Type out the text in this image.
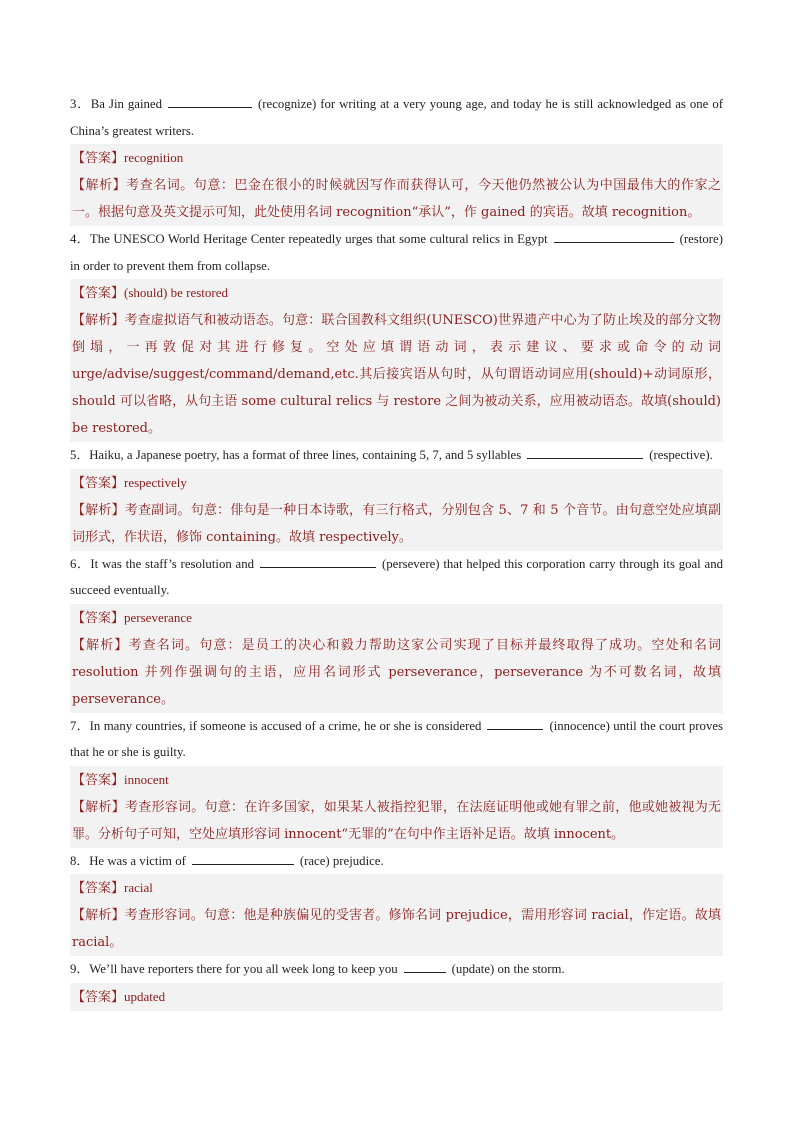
3．Ba Jin gained	(recognize) for writing at a very young age, and today he is still acknowledged as one of China’s greatest writers.
【答案】recognition
【解析】考查名词。句意：巴金在很小的时候就因写作而获得认可，今天他仍然被公认为中国最伟大的作家之一。根据句意及英文提示可知，此处使用名词 recognition“承认”，作 gained 的宾语。故填 recognition。
4．The UNESCO World Heritage Center repeatedly urges that some cultural relics in Egypt	(restore) in order to prevent them from collapse.
【答案】(should) be restored
【解析】考查虚拟语气和被动语态。句意：联合国教科文组织(UNESCO)世界遗产中心为了防止埃及的部分文物倒塌，一再敦促对其进行修复。空处应填谓语动词，表示建议、要求或命令的动词 urge/advise/suggest/command/demand,etc.其后接宾语从句时，从句谓语动词应用(should)+动词原形，should 可以省略，从句主语 some cultural relics 与 restore 之间为被动关系，应用被动语态。故填(should) be restored。
5．Haiku, a Japanese poetry, has a format of three lines, containing 5, 7, and 5 syllables	(respective).
【答案】respectively
【解析】考查副词。句意：俳句是一种日本诗歌，有三行格式，分别包含 5、7 和 5 个音节。由句意空处应填副词形式，作状语，修饰 containing。故填 respectively。
6．It was the staff’s resolution and	(persevere) that helped this corporation carry through its goal and succeed eventually.
【答案】perseverance
【解析】考查名词。句意：是员工的决心和毅力帮助这家公司实现了目标并最终取得了成功。空处和名词 resolution 并列作强调句的主语，应用名词形式 perseverance，perseverance 为不可数名词，故填 perseverance。
7．In many countries, if someone is accused of a crime, he or she is considered	(innocence) until the court proves that he or she is guilty.
【答案】innocent
【解析】考查形容词。句意：在许多国家，如果某人被指控犯罪，在法庭证明他或她有罪之前，他或她被视为无罪。分析句子可知，空处应填形容词 innocent“无罪的”在句中作主语补足语。故填 innocent。
8．He was a victim of	(race) prejudice.
【答案】racial
【解析】考查形容词。句意：他是种族偏见的受害者。修饰名词 prejudice，需用形容词 racial，作定语。故填 racial。
9．We’ll have reporters there for you all week long to keep you	(update) on the storm.
【答案】updated
